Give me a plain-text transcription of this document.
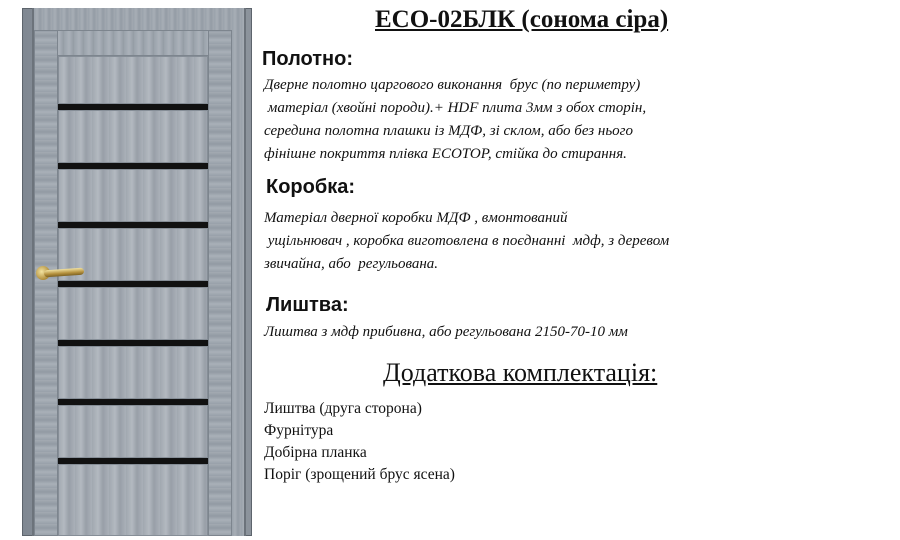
ECO-02БЛК (сонома сіра)
Полотно:
Дверне полотно царгового виконання  брус (по периметру)
матеріал (хвойні породи).+ HDF плита 3мм з обох сторін,
середина полотна плашки із МДФ, зі склом, або без нього
фінішне покриття плівка ECOTOP, стійка до стирання.
Коробка:
Матеріал дверної коробки МДФ , вмонтований
ущільнювач , коробка виготовлена в поєднанні  мдф, з деревом
звичайна, або  регульована.
Лиштва:
Лиштва з мдф прибивна, або регульована 2150-70-10 мм
Додаткова комплектація:
Лиштва (друга сторона)
Фурнітура
Добірна планка
Поріг (зрощений брус ясена)
